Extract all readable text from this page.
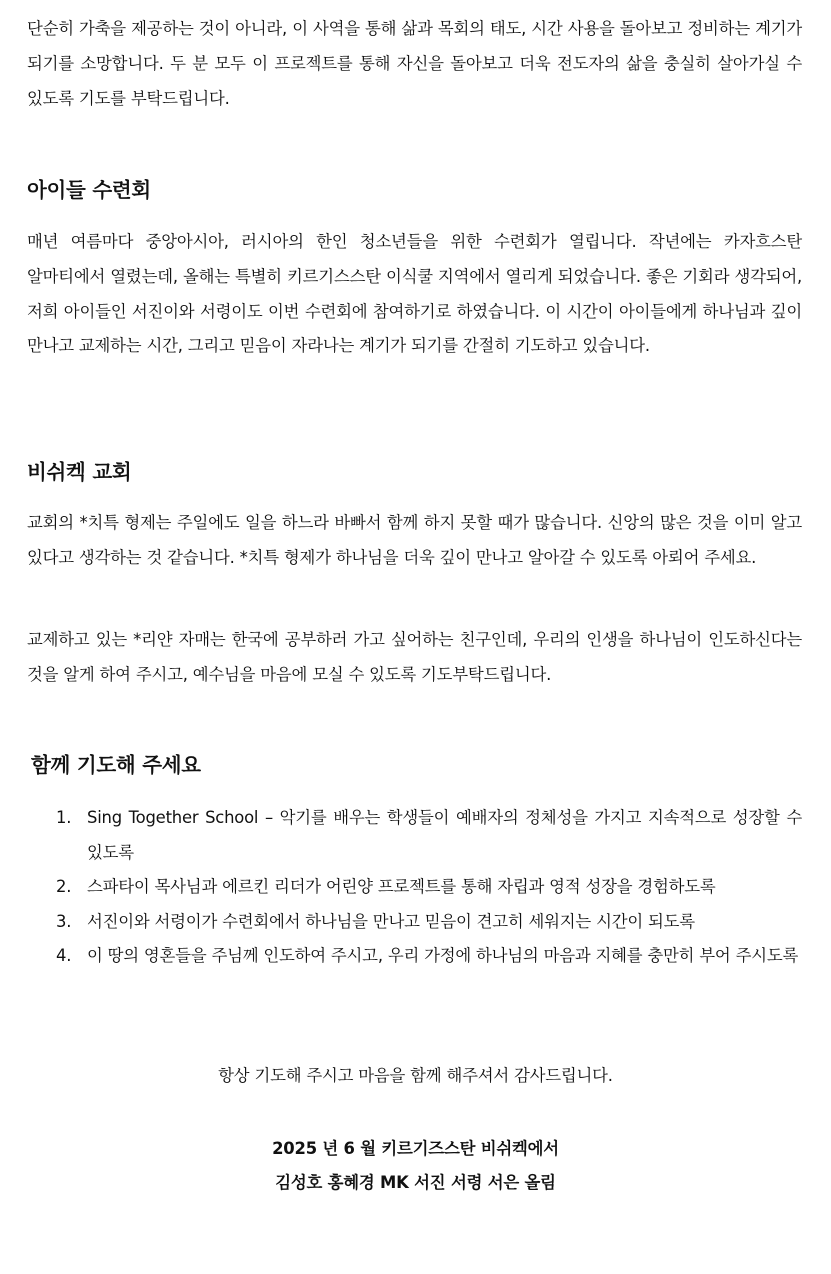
단순히 가축을 제공하는 것이 아니라, 이 사역을 통해 삶과 목회의 태도, 시간 사용을 돌아보고 정비하는 계기가 되기를 소망합니다. 두 분 모두 이 프로젝트를 통해 자신을 돌아보고 더욱 전도자의 삶을 충실히 살아가실 수 있도록 기도를 부탁드립니다.

아이들 수련회

매년 여름마다 중앙아시아, 러시아의 한인 청소년들을 위한 수련회가 열립니다. 작년에는 카자흐스탄 알마티에서 열렸는데, 올해는 특별히 키르기스스탄 이식쿨 지역에서 열리게 되었습니다. 좋은 기회라 생각되어, 저희 아이들인 서진이와 서령이도 이번 수련회에 참여하기로 하였습니다. 이 시간이 아이들에게 하나님과 깊이 만나고 교제하는 시간, 그리고 믿음이 자라나는 계기가 되기를 간절히 기도하고 있습니다.

비쉬켁 교회

교회의 *치특 형제는 주일에도 일을 하느라 바빠서 함께 하지 못할 때가 많습니다. 신앙의 많은 것을 이미 알고 있다고 생각하는 것 같습니다. *치특 형제가 하나님을 더욱 깊이 만나고 알아갈 수 있도록 아뢰어 주세요.

교제하고 있는 *리얀 자매는 한국에 공부하러 가고 싶어하는 친구인데, 우리의 인생을 하나님이 인도하신다는 것을 알게 하여 주시고, 예수님을 마음에 모실 수 있도록 기도부탁드립니다.

함께 기도해 주세요
1. Sing Together School – 악기를 배우는 학생들이 예배자의 정체성을 가지고 지속적으로 성장할 수 있도록
2. 스파타이 목사님과 에르킨 리더가 어린양 프로젝트를 통해 자립과 영적 성장을 경험하도록
3. 서진이와 서령이가 수련회에서 하나님을 만나고 믿음이 견고히 세워지는 시간이 되도록
4. 이 땅의 영혼들을 주님께 인도하여 주시고, 우리 가정에 하나님의 마음과 지혜를 충만히 부어 주시도록

항상 기도해 주시고 마음을 함께 해주셔서 감사드립니다.

2025 년 6 월 키르기즈스탄 비쉬켁에서

김성호 홍혜경 MK 서진 서령 서은 올림
